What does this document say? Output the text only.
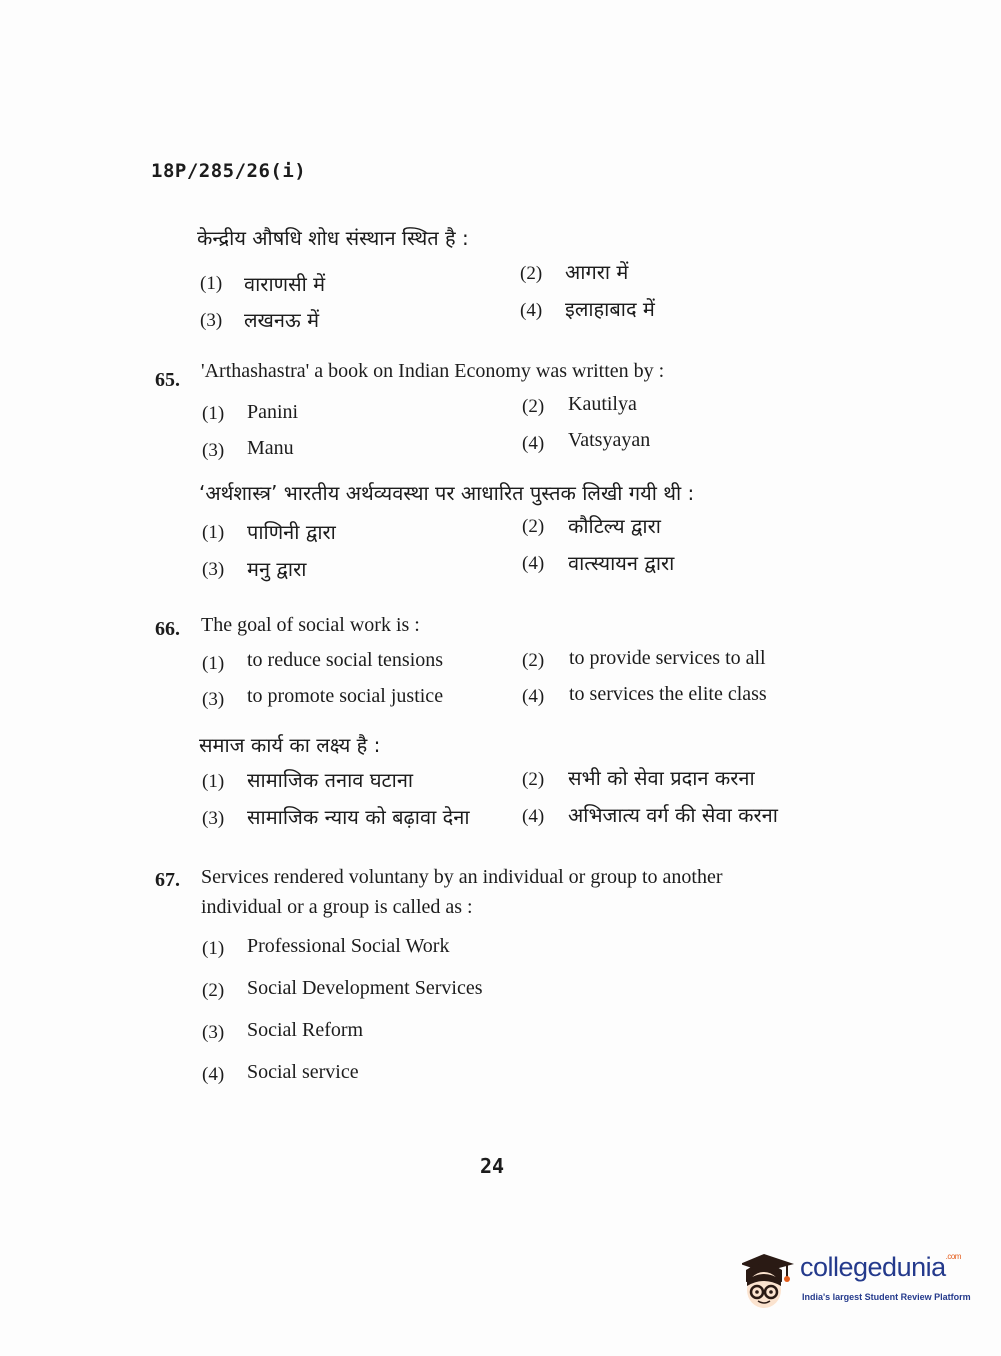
18P/285/26(i)
केन्द्रीय औषधि शोध संस्थान स्थित है :
(1) वाराणसी में	(2) आगरा में
(3) लखनऊ में	(4) इलाहाबाद में
65. 'Arthashastra' a book on Indian Economy was written by :
(1) Panini	(2) Kautilya
(3) Manu	(4) Vatsyayan
‘अर्थशास्त्र’ भारतीय अर्थव्यवस्था पर आधारित पुस्तक लिखी गयी थी :
(1) पाणिनी द्वारा	(2) कौटिल्य द्वारा
(3) मनु द्वारा	(4) वात्स्यायन द्वारा
66. The goal of social work is :
(1) to reduce social tensions	(2) to provide services to all
(3) to promote social justice	(4) to services the elite class
समाज कार्य का लक्ष्य है :
(1) सामाजिक तनाव घटाना	(2) सभी को सेवा प्रदान करना
(3) सामाजिक न्याय को बढ़ावा देना	(4) अभिजात्य वर्ग की सेवा करना
67. Services rendered voluntany by an individual or group to another
individual or a group is called as :
(1) Professional Social Work
(2) Social Development Services
(3) Social Reform
(4) Social service
24
collegedunia$^{.com}$
India's largest Student Review Platform
